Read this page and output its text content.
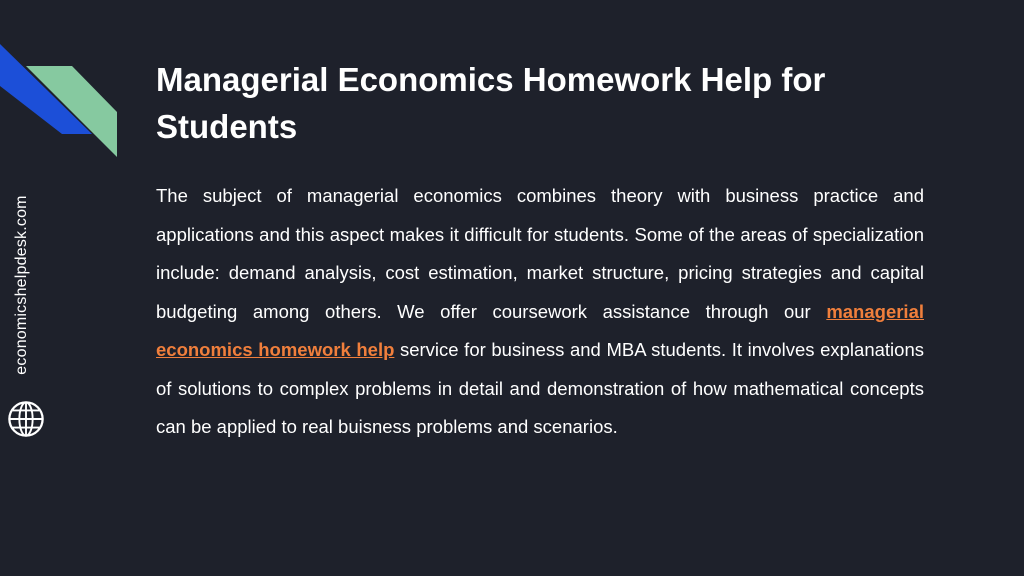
economicshelpdesk.com
Managerial Economics Homework Help for Students

The subject of managerial economics combines theory with business practice and applications and this aspect makes it difficult for students. Some of the areas of specialization include: demand analysis, cost estimation, market structure, pricing strategies and capital budgeting among others. We offer coursework assistance through our managerial economics homework help service for business and MBA students. It involves explanations of solutions to complex problems in detail and demonstration of how mathematical concepts can be applied to real buisness problems and scenarios.
